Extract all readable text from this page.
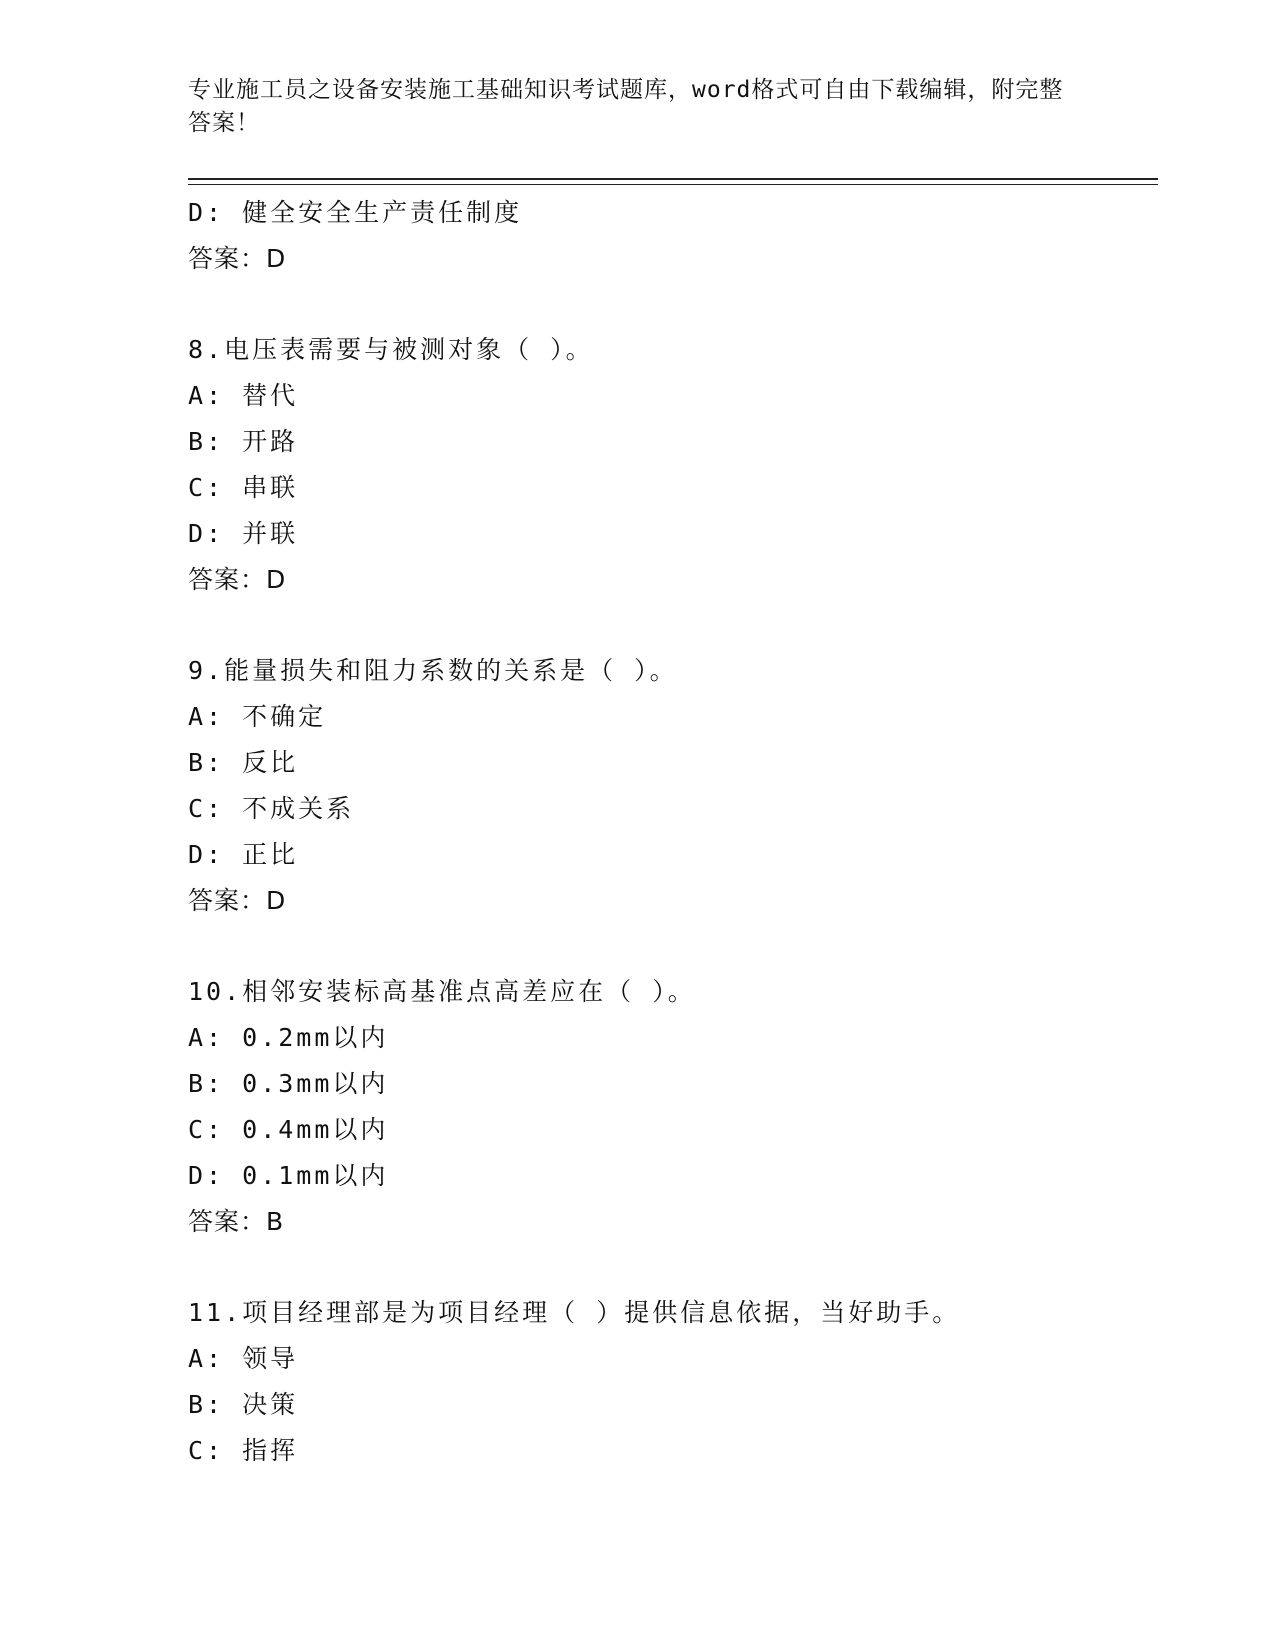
专业施工员之设备安装施工基础知识考试题库，word格式可自由下载编辑，附完整答案！
D: 健全安全生产责任制度
答案：D
8.电压表需要与被测对象（ ）。
A: 替代
B: 开路
C: 串联
D: 并联
答案：D
9.能量损失和阻力系数的关系是（ ）。
A: 不确定
B: 反比
C: 不成关系
D: 正比
答案：D
10.相邻安装标高基准点高差应在（ ）。
A: 0.2mm以内
B: 0.3mm以内
C: 0.4mm以内
D: 0.1mm以内
答案：B
11.项目经理部是为项目经理（ ）提供信息依据，当好助手。
A: 领导
B: 决策
C: 指挥
